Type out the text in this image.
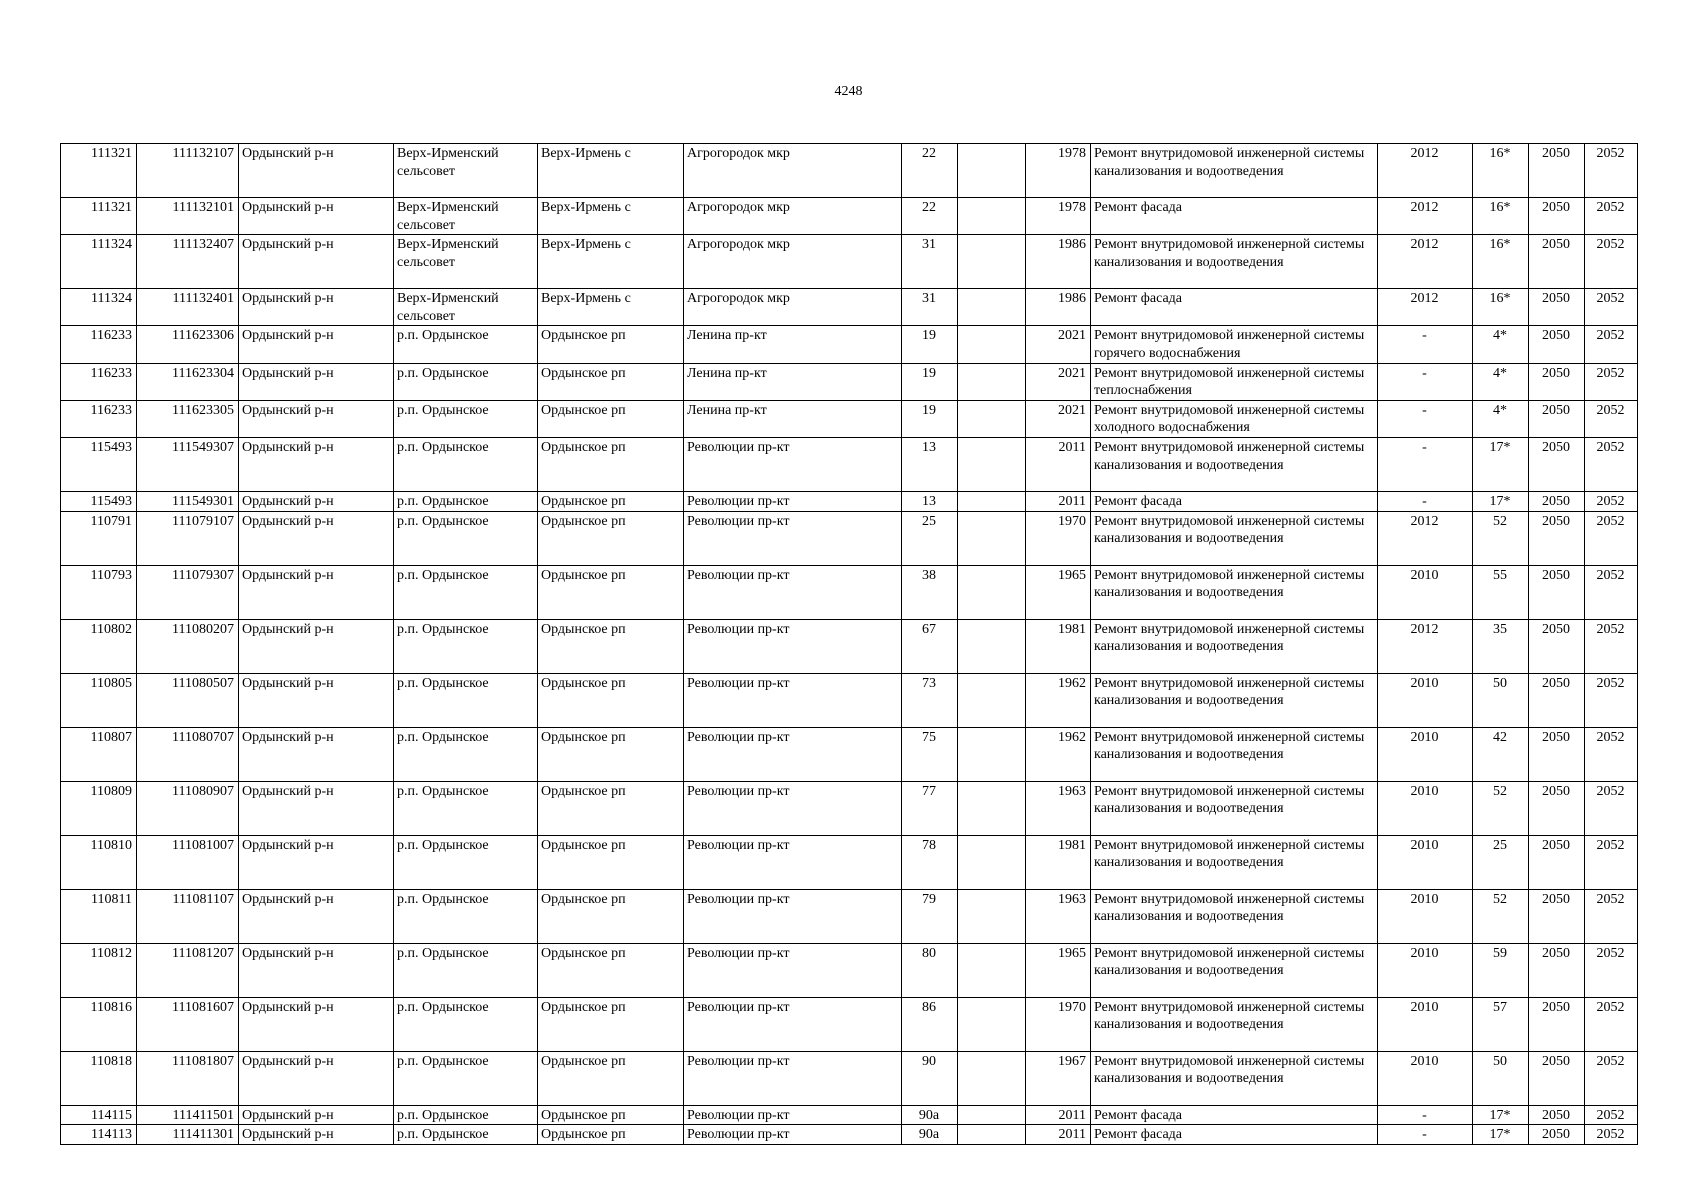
4248
111321	111132107	Ордынский р-н	Верх-Ирменский сельсовет	Верх-Ирмень с	Агрогородок мкр	22		1978	Ремонт внутридомовой инженерной системы канализования и водоотведения	2012	16*	2050	2052
111321	111132101	Ордынский р-н	Верх-Ирменский сельсовет	Верх-Ирмень с	Агрогородок мкр	22		1978	Ремонт фасада	2012	16*	2050	2052
111324	111132407	Ордынский р-н	Верх-Ирменский сельсовет	Верх-Ирмень с	Агрогородок мкр	31		1986	Ремонт внутридомовой инженерной системы канализования и водоотведения	2012	16*	2050	2052
111324	111132401	Ордынский р-н	Верх-Ирменский сельсовет	Верх-Ирмень с	Агрогородок мкр	31		1986	Ремонт фасада	2012	16*	2050	2052
116233	111623306	Ордынский р-н	р.п. Ордынское	Ордынское рп	Ленина пр-кт	19		2021	Ремонт внутридомовой инженерной системы горячего водоснабжения	-	4*	2050	2052
116233	111623304	Ордынский р-н	р.п. Ордынское	Ордынское рп	Ленина пр-кт	19		2021	Ремонт внутридомовой инженерной системы теплоснабжения	-	4*	2050	2052
116233	111623305	Ордынский р-н	р.п. Ордынское	Ордынское рп	Ленина пр-кт	19		2021	Ремонт внутридомовой инженерной системы холодного водоснабжения	-	4*	2050	2052
115493	111549307	Ордынский р-н	р.п. Ордынское	Ордынское рп	Революции пр-кт	13		2011	Ремонт внутридомовой инженерной системы канализования и водоотведения	-	17*	2050	2052
115493	111549301	Ордынский р-н	р.п. Ордынское	Ордынское рп	Революции пр-кт	13		2011	Ремонт фасада	-	17*	2050	2052
110791	111079107	Ордынский р-н	р.п. Ордынское	Ордынское рп	Революции пр-кт	25		1970	Ремонт внутридомовой инженерной системы канализования и водоотведения	2012	52	2050	2052
110793	111079307	Ордынский р-н	р.п. Ордынское	Ордынское рп	Революции пр-кт	38		1965	Ремонт внутридомовой инженерной системы канализования и водоотведения	2010	55	2050	2052
110802	111080207	Ордынский р-н	р.п. Ордынское	Ордынское рп	Революции пр-кт	67		1981	Ремонт внутридомовой инженерной системы канализования и водоотведения	2012	35	2050	2052
110805	111080507	Ордынский р-н	р.п. Ордынское	Ордынское рп	Революции пр-кт	73		1962	Ремонт внутридомовой инженерной системы канализования и водоотведения	2010	50	2050	2052
110807	111080707	Ордынский р-н	р.п. Ордынское	Ордынское рп	Революции пр-кт	75		1962	Ремонт внутридомовой инженерной системы канализования и водоотведения	2010	42	2050	2052
110809	111080907	Ордынский р-н	р.п. Ордынское	Ордынское рп	Революции пр-кт	77		1963	Ремонт внутридомовой инженерной системы канализования и водоотведения	2010	52	2050	2052
110810	111081007	Ордынский р-н	р.п. Ордынское	Ордынское рп	Революции пр-кт	78		1981	Ремонт внутридомовой инженерной системы канализования и водоотведения	2010	25	2050	2052
110811	111081107	Ордынский р-н	р.п. Ордынское	Ордынское рп	Революции пр-кт	79		1963	Ремонт внутридомовой инженерной системы канализования и водоотведения	2010	52	2050	2052
110812	111081207	Ордынский р-н	р.п. Ордынское	Ордынское рп	Революции пр-кт	80		1965	Ремонт внутридомовой инженерной системы канализования и водоотведения	2010	59	2050	2052
110816	111081607	Ордынский р-н	р.п. Ордынское	Ордынское рп	Революции пр-кт	86		1970	Ремонт внутридомовой инженерной системы канализования и водоотведения	2010	57	2050	2052
110818	111081807	Ордынский р-н	р.п. Ордынское	Ордынское рп	Революции пр-кт	90		1967	Ремонт внутридомовой инженерной системы канализования и водоотведения	2010	50	2050	2052
114115	111411501	Ордынский р-н	р.п. Ордынское	Ордынское рп	Революции пр-кт	90а		2011	Ремонт фасада	-	17*	2050	2052
114113	111411301	Ордынский р-н	р.п. Ордынское	Ордынское рп	Революции пр-кт	90а		2011	Ремонт фасада	-	17*	2050	2052
